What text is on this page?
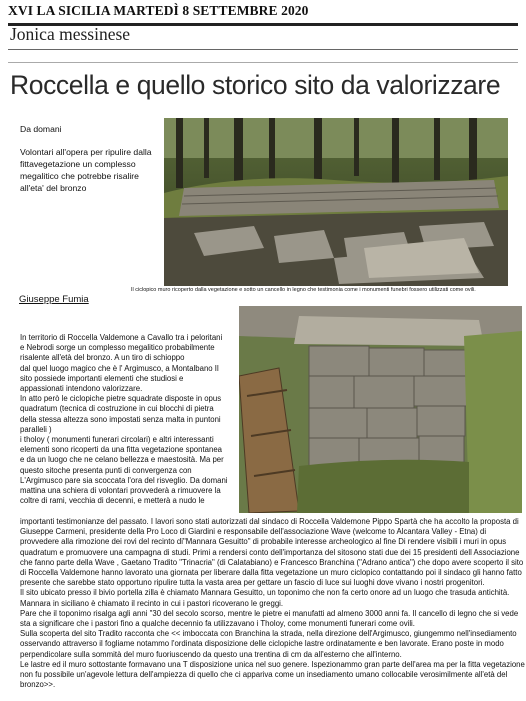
XVI LA SICILIA MARTEDÌ 8 SETTEMBRE 2020
Jonica messinese
Roccella e quello storico sito da valorizzare
Da domani
Volontari all'opera per ripulire dalla fittavegetazione un complesso megalitico che potrebbe risalire all'eta' del bronzo
Il ciclopico muro ricoperto dalla vegetazione e sotto un cancello in legno che testimonia come i monumenti funebri fossero utilizzati come ovili.
Giuseppe Fumia

In territorio di Roccella Valdemone a Cavallo tra i peloritani

e Nebrodi sorge un complesso megalitico probabilmente

risalente all'età del bronzo. A un tiro di schioppo

dal quel luogo magico che è l' Argimusco, a Montalbano Il

sito possiede importanti elementi che studiosi e

appassionati intendono valorizzare.

In atto però le ciclopiche pietre squadrate disposte in opus

quadratum (tecnica di costruzione in cui blocchi di pietra

della stessa altezza sono impostati senza malta in puntoni

paralleli )

i tholoy ( monumenti funerari circolari) e altri interessanti

elementi sono ricoperti da una fitta vegetazione spontanea

e da un luogo che ne celano bellezza e maestosità. Ma per

questo sitoche presenta punti di convergenza con

L'Argimusco pare sia scoccata l'ora del risveglio. Da domani

mattina una schiera di volontari provvederà a rimuovere la

coltre di rami, vecchia di decenni, e metterà a nudo le

importanti testimonianze del passato. I lavori sono stati autorizzati dal sindaco di Roccella Valdemone Pippo Spartà che ha accolto la proposta di

Giuseppe Carmeni, presidente della Pro Loco di Giardini e responsabile dell'associazione Wave (welcome to Alcantara Valley - Etna) di

provvedere alla rimozione dei rovi del recinto di"Mannara Gesuitto" di probabile interesse archeologico al fine Di rendere visibili i muri in opus

quadratum e promuovere una campagna di studi. Primi a rendersi conto dell'importanza del sitosono stati due dei 15 presidenti dell Associazione

che fanno parte della Wave , Gaetano Tradito "Trinacria" (di Calatabiano) e Francesco Branchina ("Adrano antica") che dopo avere scoperto il sito

di Roccella Valdemone hanno lavorato una giornata per liberare dalla fitta vegetazione un muro ciclopico contattando poi il sindaco gli hanno fatto

presente che sarebbe stato opportuno ripulire tutta la vasta area per gettare un fascio di luce sui luoghi dove vivano i nostri progenitori.

Il sito ubicato presso il bivio portella zilla è chiamato Mannara Gesuitto, un toponimo che non fa certo onore ad un luogo che trasuda antichità.

Mannara in siciliano è chiamato il recinto in cui i pastori ricoverano le greggi.

Pare che il toponimo risalga agli anni "30 del secolo scorso, mentre le pietre ei manufatti ad almeno 3000 anni fa. Il cancello di legno che si vede

sta a significare che i pastori fino a qualche decennio fa utilizzavano i Tholoy, come monumenti funerari come ovili.

Sulla scoperta del sito Tradito racconta che << imboccata con Branchina la strada, nella direzione dell'Argimusco, giungemmo nell'insediamento

osservando attraverso il fogliame notammo l'ordinata disposizione delle ciclopiche lastre ordinatamente e ben lavorate. Erano poste in modo

perpendicolare sulla sommità del muro fuoriuscendo da questo una trentina di cm da all'esterno che all'interno.

Le lastre ed il muro sottostante formavano una T disposizione unica nel suo genere. Ispezionammo gran parte dell'area ma per la fitta vegetazione

non fu possibile un'agevole lettura dell'ampiezza di quello che ci appariva come un insediamento umano collocabile verosimilmente all'età del

bronzo>>.
